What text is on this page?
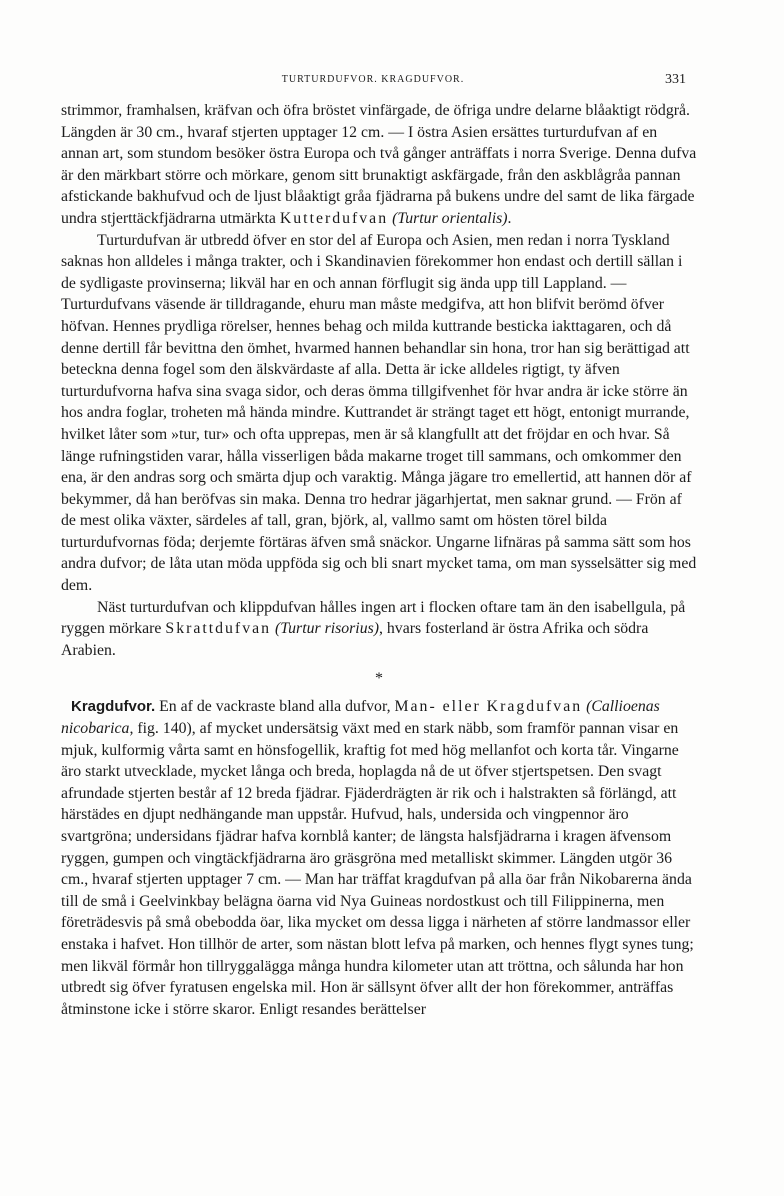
TURTURDUFVOR. KRAGDUFVOR.	331

strimmor, framhalsen, kräfvan och öfra bröstet vinfärgade, de öfriga undre delarne blåaktigt rödgrå. Längden är 30 cm., hvaraf stjerten upptager 12 cm. — I östra Asien ersättes turturdufvan af en annan art, som stundom besöker östra Europa och två gånger anträffats i norra Sverige. Denna dufva är den märkbart större och mörkare, genom sitt brunaktigt askfärgade, från den askblågråa pannan afstickande bakhufvud och de ljust blåaktigt gråa fjädrarna på bukens undre del samt de lika färgade undra stjerttäckfjädrarna utmärkta Kutterdufvan (Turtur orientalis).

Turturdufvan är utbredd öfver en stor del af Europa och Asien, men redan i norra Tyskland saknas hon alldeles i många trakter, och i Skandinavien förekommer hon endast och dertill sällan i de sydligaste provinserna; likväl har en och annan förflugit sig ända upp till Lappland. — Turturdufvans väsende är tilldragande, ehuru man måste medgifva, att hon blifvit berömd öfver höfvan. Hennes prydliga rörelser, hennes behag och milda kuttrande besticka iakttagaren, och då denne dertill får bevittna den ömhet, hvarmed hannen behandlar sin hona, tror han sig berättigad att beteckna denna fogel som den älskvärdaste af alla. Detta är icke alldeles rigtigt, ty äfven turturdufvorna hafva sina svaga sidor, och deras ömma tillgifvenhet för hvar andra är icke större än hos andra foglar, troheten må hända mindre. Kuttrandet är strängt taget ett högt, entonigt murrande, hvilket låter som »tur, tur» och ofta upprepas, men är så klangfullt att det fröjdar en och hvar. Så länge rufningstiden varar, hålla visserligen båda makarne troget till sammans, och omkommer den ena, är den andras sorg och smärta djup och varaktig. Många jägare tro emellertid, att hannen dör af bekymmer, då han beröfvas sin maka. Denna tro hedrar jägarhjertat, men saknar grund. — Frön af de mest olika växter, särdeles af tall, gran, björk, al, vallmo samt om hösten törel bilda turturdufvornas föda; derjemte förtäras äfven små snäckor. Ungarne lifnäras på samma sätt som hos andra dufvor; de låta utan möda uppföda sig och bli snart mycket tama, om man sysselsätter sig med dem.

Näst turturdufvan och klippdufvan hålles ingen art i flocken oftare tam än den isabellgula, på ryggen mörkare Skrattdufvan (Turtur risorius), hvars fosterland är östra Afrika och södra Arabien.

*

Kragdufvor. En af de vackraste bland alla dufvor, Man- eller Kragdufvan (Callioenas nicobarica, fig. 140), af mycket undersätsig växt med en stark näbb, som framför pannan visar en mjuk, kulformig vårta samt en hönsfogellik, kraftig fot med hög mellanfot och korta tår. Vingarne äro starkt utvecklade, mycket långa och breda, hoplagda nå de ut öfver stjertspetsen. Den svagt afrundade stjerten består af 12 breda fjädrar. Fjäderdrägten är rik och i halstrakten så förlängd, att härstädes en djupt nedhängande man uppstår. Hufvud, hals, undersida och vingpennor äro svartgröna; undersidans fjädrar hafva kornblå kanter; de längsta halsfjädrarna i kragen äfvensom ryggen, gumpen och vingtäckfjädrarna äro gräsgröna med metalliskt skimmer. Längden utgör 36 cm., hvaraf stjerten upptager 7 cm. — Man har träffat kragdufvan på alla öar från Nikobarerna ända till de små i Geelvinkbay belägna öarna vid Nya Guineas nordostkust och till Filippinerna, men företrädesvis på små obebodda öar, lika mycket om dessa ligga i närheten af större landmassor eller enstaka i hafvet. Hon tillhör de arter, som nästan blott lefva på marken, och hennes flygt synes tung; men likväl förmår hon tillryggalägga många hundra kilometer utan att tröttna, och sålunda har hon utbredt sig öfver fyratusen engelska mil. Hon är sällsynt öfver allt der hon förekommer, anträffas åtminstone icke i större skaror. Enligt resandes berättelser
